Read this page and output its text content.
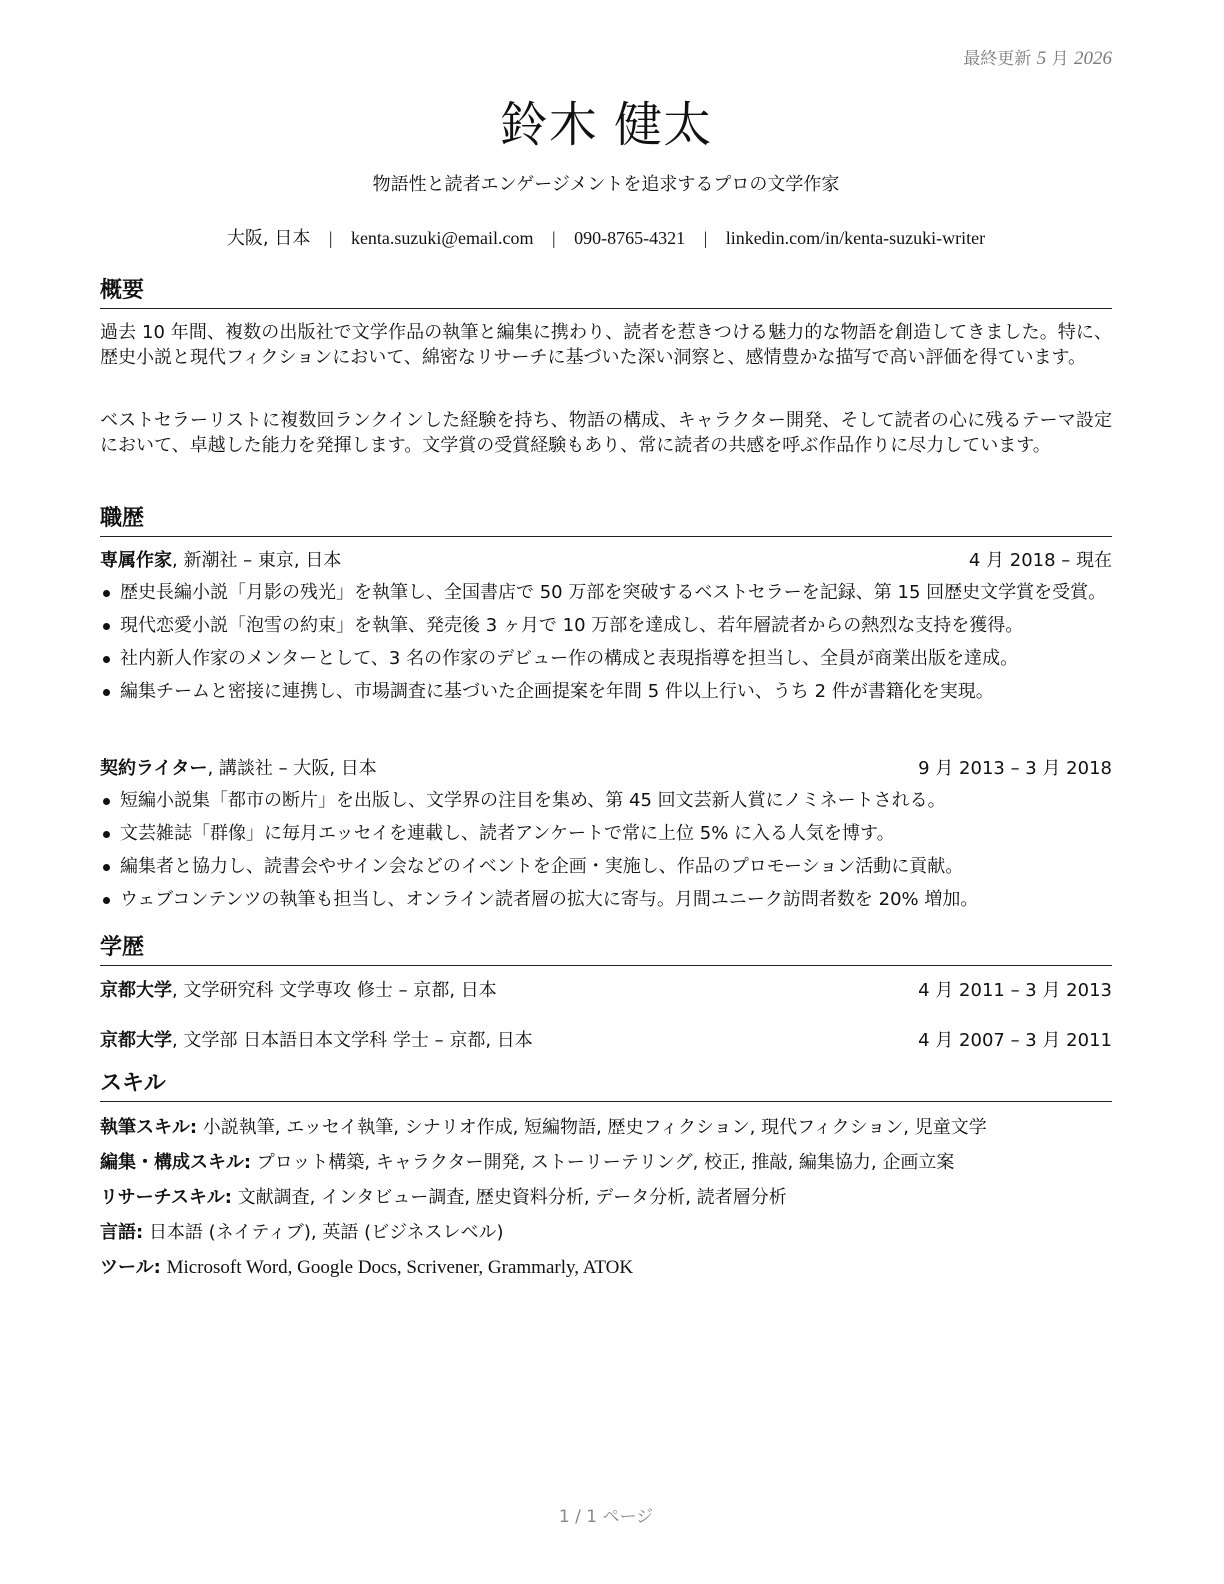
最終更新 5 月 2026
鈴木 健太
物語性と読者エンゲージメントを追求するプロの文学作家
大阪, 日本 | kenta.suzuki@email.com | 090-8765-4321 | linkedin.com/in/kenta-suzuki-writer
概要
過去 10 年間、複数の出版社で文学作品の執筆と編集に携わり、読者を惹きつける魅力的な物語を創造してきました。特に、歴史小説と現代フィクションにおいて、綿密なリサーチに基づいた深い洞察と、感情豊かな描写で高い評価を得ています。
ベストセラーリストに複数回ランクインした経験を持ち、物語の構成、キャラクター開発、そして読者の心に残るテーマ設定において、卓越した能力を発揮します。文学賞の受賞経験もあり、常に読者の共感を呼ぶ作品作りに尽力しています。
職歴
専属作家, 新潮社 – 東京, 日本	4 月 2018 – 現在
歴史長編小説「月影の残光」を執筆し、全国書店で 50 万部を突破するベストセラーを記録、第 15 回歴史文学賞を受賞。
現代恋愛小説「泡雪の約束」を執筆、発売後 3 ヶ月で 10 万部を達成し、若年層読者からの熱烈な支持を獲得。
社内新人作家のメンターとして、3 名の作家のデビュー作の構成と表現指導を担当し、全員が商業出版を達成。
編集チームと密接に連携し、市場調査に基づいた企画提案を年間 5 件以上行い、うち 2 件が書籍化を実現。
契約ライター, 講談社 – 大阪, 日本	9 月 2013 – 3 月 2018
短編小説集「都市の断片」を出版し、文学界の注目を集め、第 45 回文芸新人賞にノミネートされる。
文芸雑誌「群像」に毎月エッセイを連載し、読者アンケートで常に上位 5% に入る人気を博す。
編集者と協力し、読書会やサイン会などのイベントを企画・実施し、作品のプロモーション活動に貢献。
ウェブコンテンツの執筆も担当し、オンライン読者層の拡大に寄与。月間ユニーク訪問者数を 20% 増加。
学歴
京都大学, 文学研究科 文学専攻 修士 – 京都, 日本	4 月 2011 – 3 月 2013
京都大学, 文学部 日本語日本文学科 学士 – 京都, 日本	4 月 2007 – 3 月 2011
スキル
執筆スキル: 小説執筆, エッセイ執筆, シナリオ作成, 短編物語, 歴史フィクション, 現代フィクション, 児童文学
編集・構成スキル: プロット構築, キャラクター開発, ストーリーテリング, 校正, 推敲, 編集協力, 企画立案
リサーチスキル: 文献調査, インタビュー調査, 歴史資料分析, データ分析, 読者層分析
言語: 日本語 (ネイティブ), 英語 (ビジネスレベル)
ツール: Microsoft Word, Google Docs, Scrivener, Grammarly, ATOK
1 / 1 ページ
